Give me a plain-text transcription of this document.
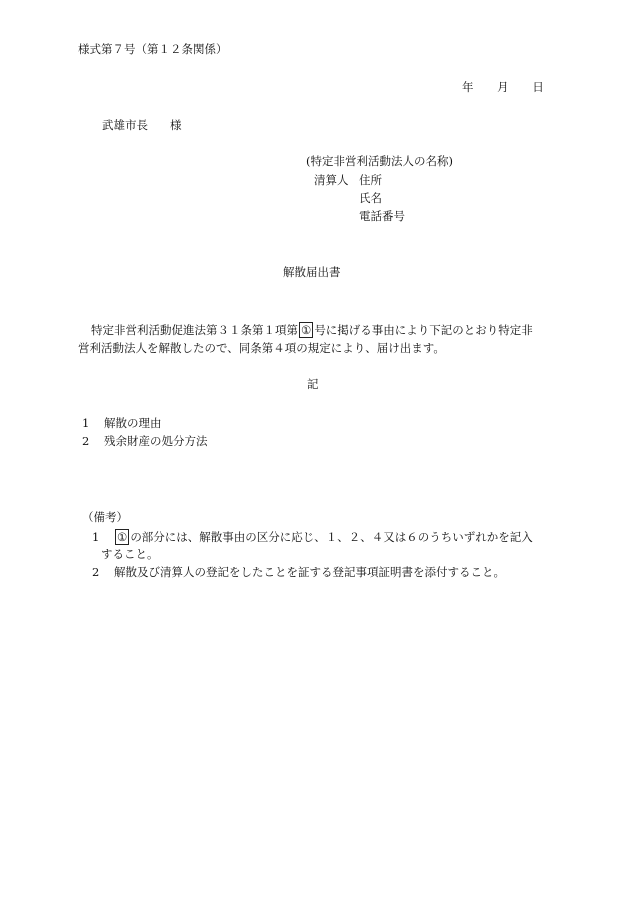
様式第７号（第１２条関係）
年 月 日
武雄市長 様
(特定非営利活動法人の名称)
清算人 住所
氏名
電話番号
解散届出書
特定非営利活動促進法第３１条第１項第 ① 号に掲げる事由により下記のとおり特定非
営利活動法人を解散したので、同条第４項の規定により、届け出ます。
記
1 解散の理由
2 残余財産の処分方法
（備考）
1 ① の部分には、解散事由の区分に応じ、１、２、４又は６のうちいずれかを記入
すること。
2 解散及び清算人の登記をしたことを証する登記事項証明書を添付すること。
